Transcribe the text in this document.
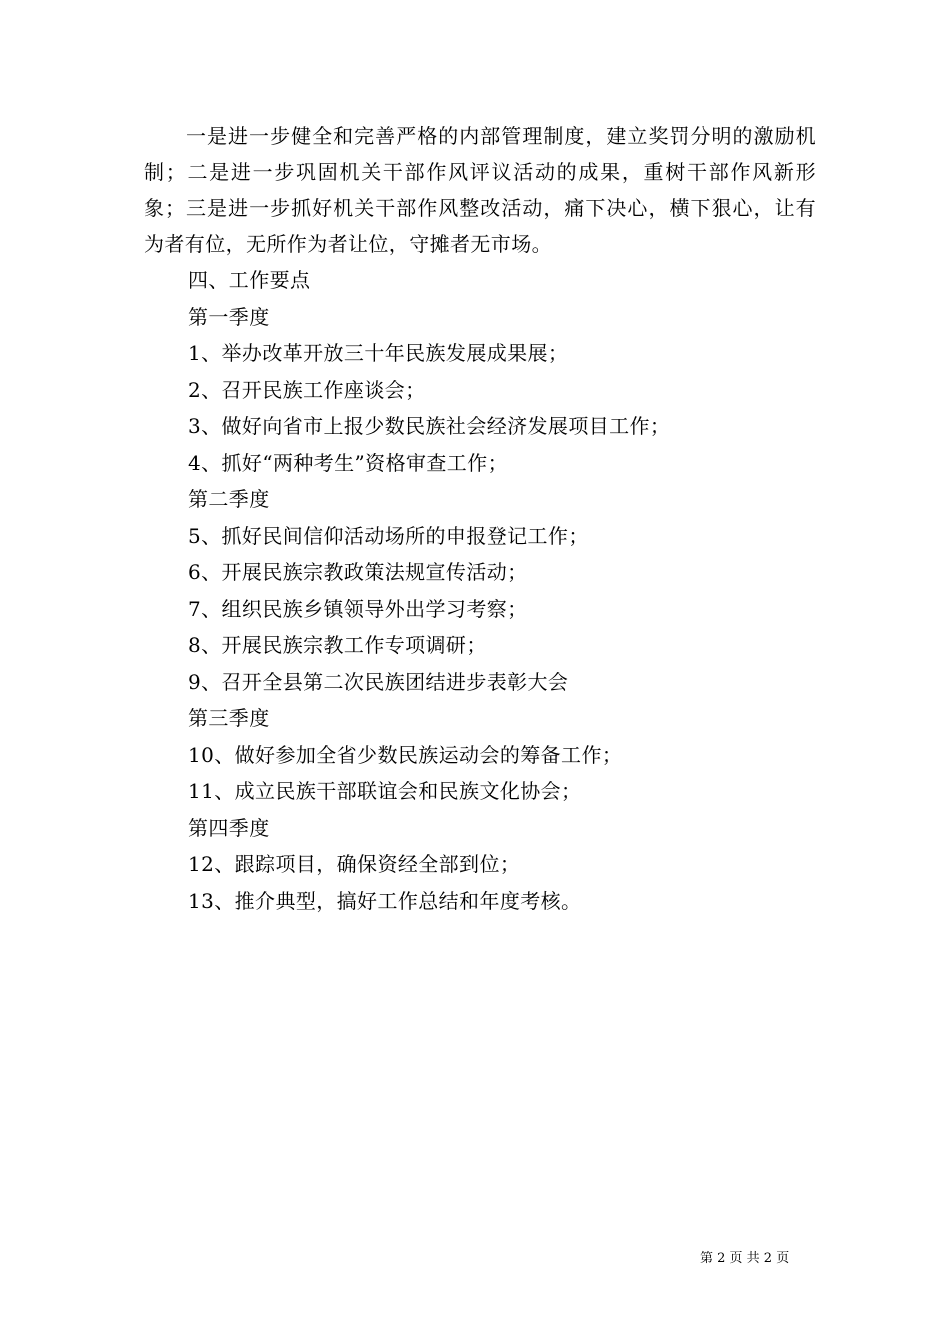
一是进一步健全和完善严格的内部管理制度，建立奖罚分明的激励机制；二是进一步巩固机关干部作风评议活动的成果，重树干部作风新形象；三是进一步抓好机关干部作风整改活动，痛下决心，横下狠心，让有为者有位，无所作为者让位，守摊者无市场。

四、工作要点

第一季度

1、举办改革开放三十年民族发展成果展；

2、召开民族工作座谈会；

3、做好向省市上报少数民族社会经济发展项目工作；

4、抓好“两种考生”资格审查工作；

第二季度

5、抓好民间信仰活动场所的申报登记工作；

6、开展民族宗教政策法规宣传活动；

7、组织民族乡镇领导外出学习考察；

8、开展民族宗教工作专项调研；

9、召开全县第二次民族团结进步表彰大会

第三季度

10、做好参加全省少数民族运动会的筹备工作；

11、成立民族干部联谊会和民族文化协会；

第四季度

12、跟踪项目，确保资经全部到位；

13、推介典型，搞好工作总结和年度考核。

第 2 页 共 2 页
